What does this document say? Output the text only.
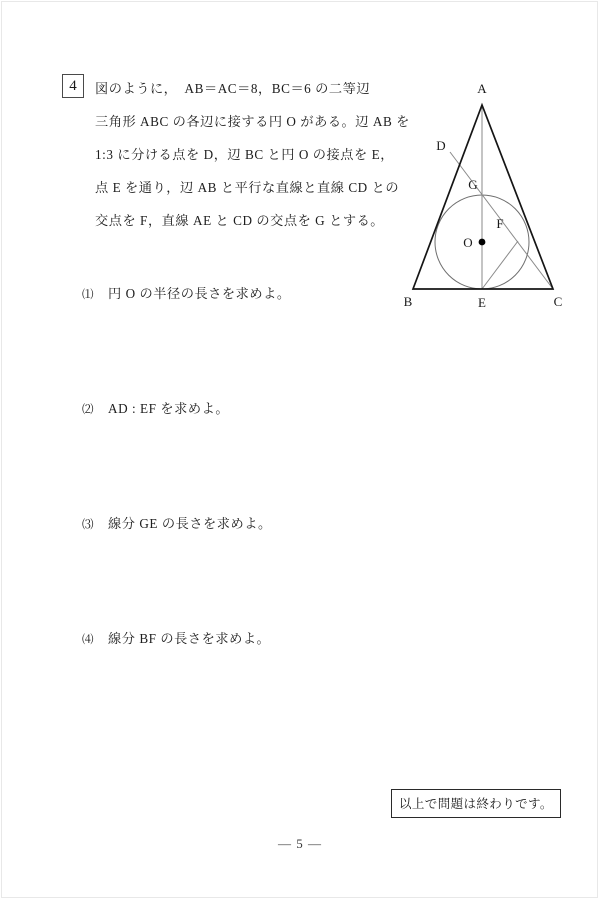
4	図のように，　AB＝AC＝8，BC＝6 の二等辺
三角形 ABC の各辺に接する円 O がある。辺 AB を
1:3 に分ける点を D，辺 BC と円 O の接点を E，
点 E を通り，辺 AB と平行な直線と直線 CD との
交点を F，直線 AE と CD の交点を G とする。
A
B	C
D
E
F
G
O
⑴ 円 O の半径の長さを求めよ。
⑵ AD : EF を求めよ。
⑶ 線分 GE の長さを求めよ。
⑷ 線分 BF の長さを求めよ。
以上で問題は終わりです。
— 5 —
